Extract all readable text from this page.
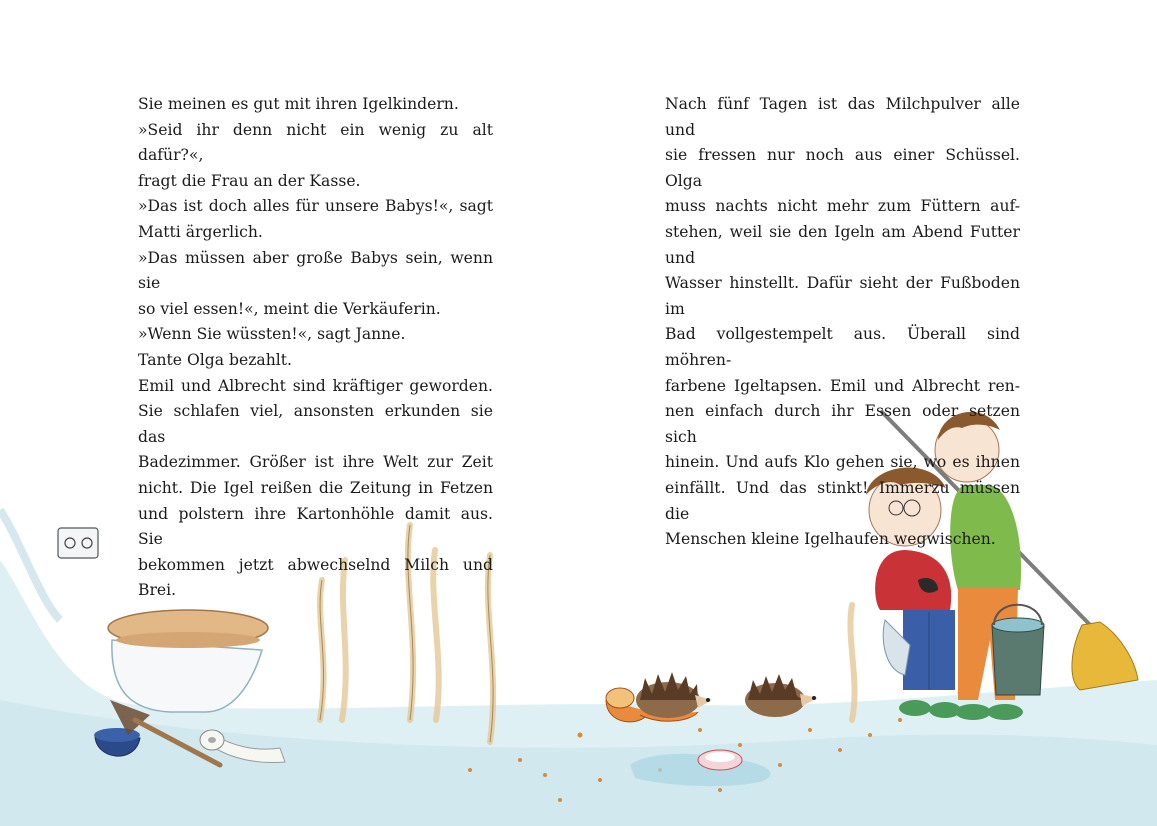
Sie meinen es gut mit ihren Igelkindern.
»Seid ihr denn nicht ein wenig zu alt dafür?«,
fragt die Frau an der Kasse.
»Das ist doch alles für unsere Babys!«, sagt
Matti ärgerlich.
»Das müssen aber große Babys sein, wenn sie
so viel essen!«, meint die Verkäuferin.
»Wenn Sie wüssten!«, sagt Janne.
Tante Olga bezahlt.
Emil und Albrecht sind kräftiger geworden.
Sie schlafen viel, ansonsten erkunden sie das
Badezimmer. Größer ist ihre Welt zur Zeit
nicht. Die Igel reißen die Zeitung in Fetzen
und polstern ihre Kartonhöhle damit aus. Sie
bekommen jetzt abwechselnd Milch und Brei.
Nach fünf Tagen ist das Milchpulver alle und
sie fressen nur noch aus einer Schüssel. Olga
muss nachts nicht mehr zum Füttern auf-
stehen, weil sie den Igeln am Abend Futter und
Wasser hinstellt. Dafür sieht der Fußboden im
Bad vollgestempelt aus. Überall sind möhren-
farbene Igeltapsen. Emil und Albrecht ren-
nen einfach durch ihr Essen oder setzen sich
hinein. Und aufs Klo gehen sie, wo es ihnen
einfällt. Und das stinkt! Immerzu müssen die
Menschen kleine Igelhaufen wegwischen.
